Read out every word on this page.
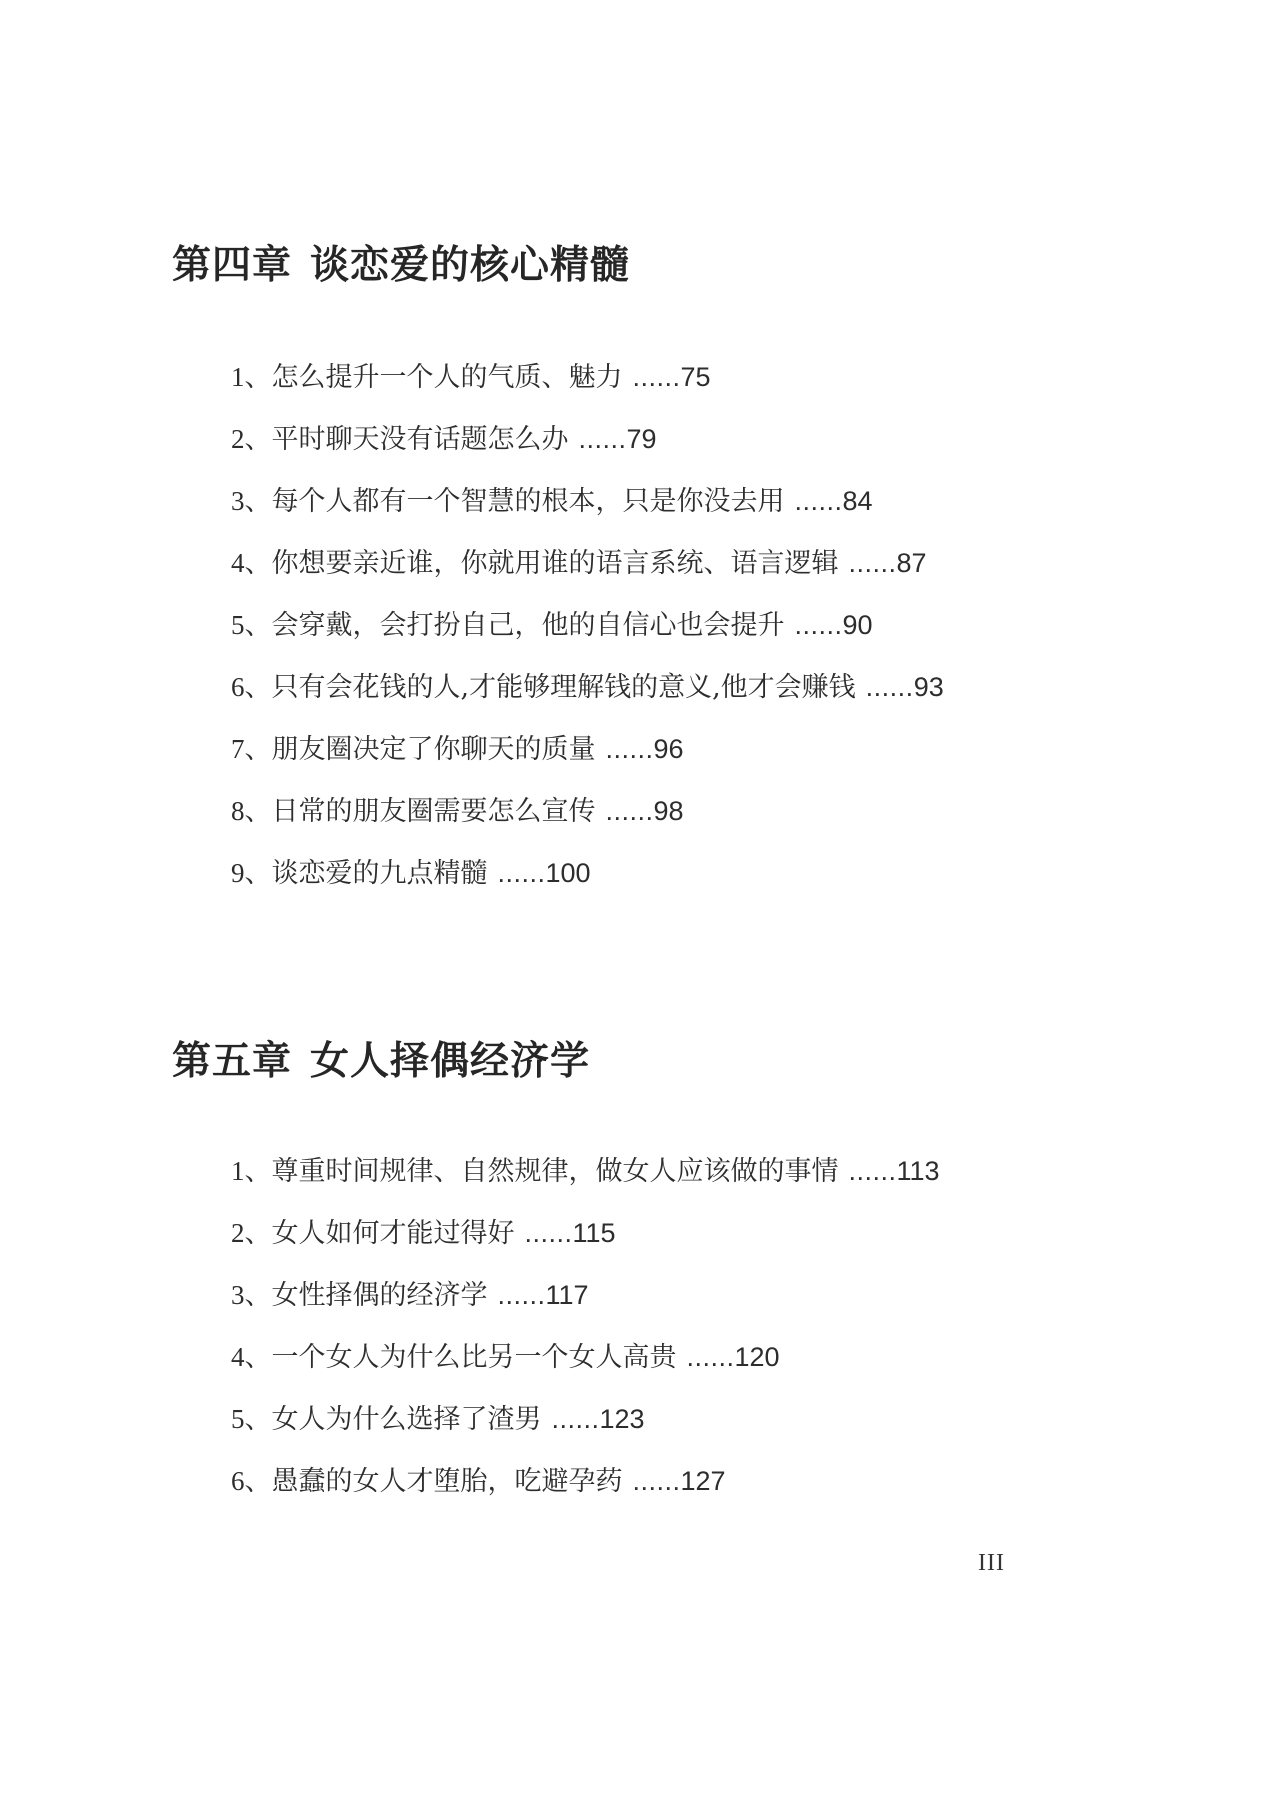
第四章 谈恋爱的核心精髓
1、怎么提升一个人的气质、魅力 ......75
2、平时聊天没有话题怎么办 ......79
3、每个人都有一个智慧的根本，只是你没去用 ......84
4、你想要亲近谁，你就用谁的语言系统、语言逻辑 ......87
5、会穿戴，会打扮自己，他的自信心也会提升 ......90
6、只有会花钱的人,才能够理解钱的意义,他才会赚钱 ......93
7、朋友圈决定了你聊天的质量 ......96
8、日常的朋友圈需要怎么宣传 ......98
9、谈恋爱的九点精髓 ......100
第五章 女人择偶经济学
1、尊重时间规律、自然规律，做女人应该做的事情 ......113
2、女人如何才能过得好 ......115
3、女性择偶的经济学 ......117
4、一个女人为什么比另一个女人高贵 ......120
5、女人为什么选择了渣男 ......123
6、愚蠢的女人才堕胎，吃避孕药 ......127
III
